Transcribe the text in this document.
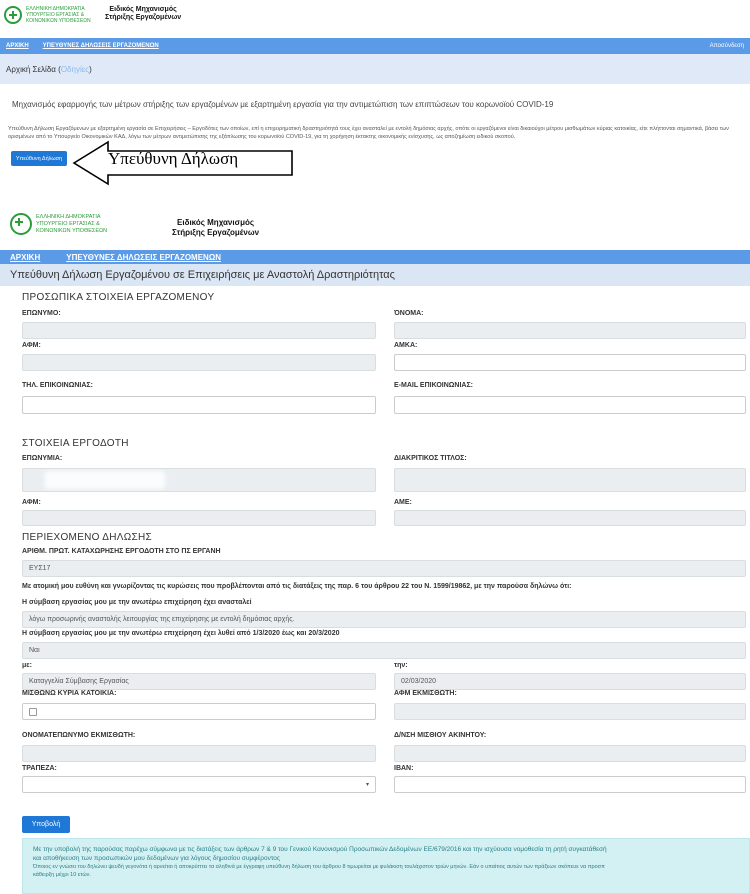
ΕΛΛΗΝΙΚΗ ΔΗΜΟΚΡΑΤΙΑ
ΥΠΟΥΡΓΕΙΟ ΕΡΓΑΣΙΑΣ &
ΚΟΙΝΩΝΙΚΩΝ ΥΠΟΘΕΣΕΩΝ
Ειδικός Μηχανισμός
Στήριξης Εργαζομένων
ΑΡΧΙΚΗ ΥΠΕΥΘΥΝΕΣ ΔΗΛΩΣΕΙΣ ΕΡΓΑΖΟΜΕΝΩΝ	Αποσύνδεση
Αρχική Σελίδα
( Οδηγίες )
Μηχανισμός εφαρμογής των μέτρων στήριξης των εργαζομένων με εξαρτημένη εργασία για την αντιμετώπιση των επιπτώσεων του κορωνοϊού COVID-19
Υπεύθυνη Δήλωση Εργαζόμενων με εξαρτημένη εργασία σε Επιχειρήσεις – Εργοδότες των οποίων, επί η επιχειρηματική δραστηριότητά τους έχει ανασταλεί με εντολή δημόσιας αρχής, οπότε οι εργαζόμενοι είναι δικαιούχοι μέτρου μισθωμάτων κύριας κατοικίας, είτε πλήττονται σημαντικά, βάσει των
ορισμένων από το Υπουργείο Οικονομικών ΚΑΔ, λόγω των μέτρων αντιμετώπισης της εξάπλωσης του κορωνοϊού COVID-19, για τη χορήγηση έκτακτης οικονομικής ενίσχυσης, ως αποζημίωση ειδικού σκοπού.
Υπεύθυνη Δήλωση	Υπεύθυνη Δήλωση
ΕΛΛΗΝΙΚΗ ΔΗΜΟΚΡΑΤΙΑ
ΥΠΟΥΡΓΕΙΟ ΕΡΓΑΣΙΑΣ &
ΚΟΙΝΩΝΙΚΩΝ ΥΠΟΘΕΣΕΩΝ
Ειδικός Μηχανισμός
Στήριξης Εργαζομένων
ΑΡΧΙΚΗ	ΥΠΕΥΘΥΝΕΣ ΔΗΛΩΣΕΙΣ ΕΡΓΑΖΟΜΕΝΩΝ
Υπεύθυνη Δήλωση Εργαζομένου σε Επιχειρήσεις με Αναστολή Δραστηριότητας
ΠΡΟΣΩΠΙΚΑ ΣΤΟΙΧΕΙΑ ΕΡΓΑΖΟΜΕΝΟΥ
ΕΠΩΝΥΜΟ:	ΌΝΟΜΑ:
ΑΦΜ:	ΑΜΚΑ:
ΤΗΛ. ΕΠΙΚΟΙΝΩΝΙΑΣ:	E-MAIL ΕΠΙΚΟΙΝΩΝΙΑΣ:
ΣΤΟΙΧΕΙΑ ΕΡΓΟΔΟΤΗ
ΕΠΩΝΥΜΙΑ:	ΔΙΑΚΡΙΤΙΚΟΣ ΤΙΤΛΟΣ:
ΑΦΜ:	ΑΜΕ:
ΠΕΡΙΕΧΟΜΕΝΟ ΔΗΛΩΣΗΣ
ΑΡΙΘΜ. ΠΡΩΤ. ΚΑΤΑΧΩΡΗΣΗΣ ΕΡΓΟΔΟΤΗ ΣΤΟ ΠΣ ΕΡΓΑΝΗ
ΕΥΣ17
Με ατομική μου ευθύνη και γνωρίζοντας τις κυρώσεις που προβλέπονται από τις διατάξεις της παρ. 6 του άρθρου 22 του Ν. 1599/19862, με την παρούσα δηλώνω ότι:
Η σύμβαση εργασίας μου με την ανωτέρω επιχείρηση έχει ανασταλεί
λόγω προσωρινής αναστολής λειτουργίας της επιχείρησης με εντολή δημόσιας αρχής.
Η σύμβαση εργασίας μου με την ανωτέρω επιχείρηση έχει λυθεί από 1/3/2020 έως και 20/3/2020
Ναι
με:
Καταγγελία Σύμβασης Εργασίας
την:
02/03/2020
ΜΙΣΘΩΝΩ ΚΥΡΙΑ ΚΑΤΟΙΚΙΑ:	ΑΦΜ ΕΚΜΙΣΘΩΤΗ:
ΟΝΟΜΑΤΕΠΩΝΥΜΟ ΕΚΜΙΣΘΩΤΗ:	Δ/ΝΣΗ ΜΙΣΘΙΟΥ ΑΚΙΝΗΤΟΥ:
ΤΡΑΠΕΖΑ:
▾
IBAN:
Υποβολή

Με την υποβολή της παρούσας παρέχω σύμφωνα με τις διατάξεις των άρθρων 7 & 9 του Γενικού Κανονισμού Προσωπικών Δεδομένων ΕΕ/679/2016 και την ισχύουσα νομοθεσία τη ρητή συγκατάθεσή

και αποθήκευση των προσωπικών μου δεδομένων για λόγους δημοσίου συμφέροντος

Όποιος εν γνώσει του δηλώνει ψευδή γεγονότα ή αρνείται ή αποκρύπτει τα αληθινά με έγγραφη υπεύθυνη δήλωση του άρθρου 8 τιμωρείται με φυλάκιση τουλάχιστον τριών μηνών. Εάν ο υπαίτιος αυτών των πράξεων σκόπευε να προσπ

κάθειρξη μέχρι 10 ετών.
